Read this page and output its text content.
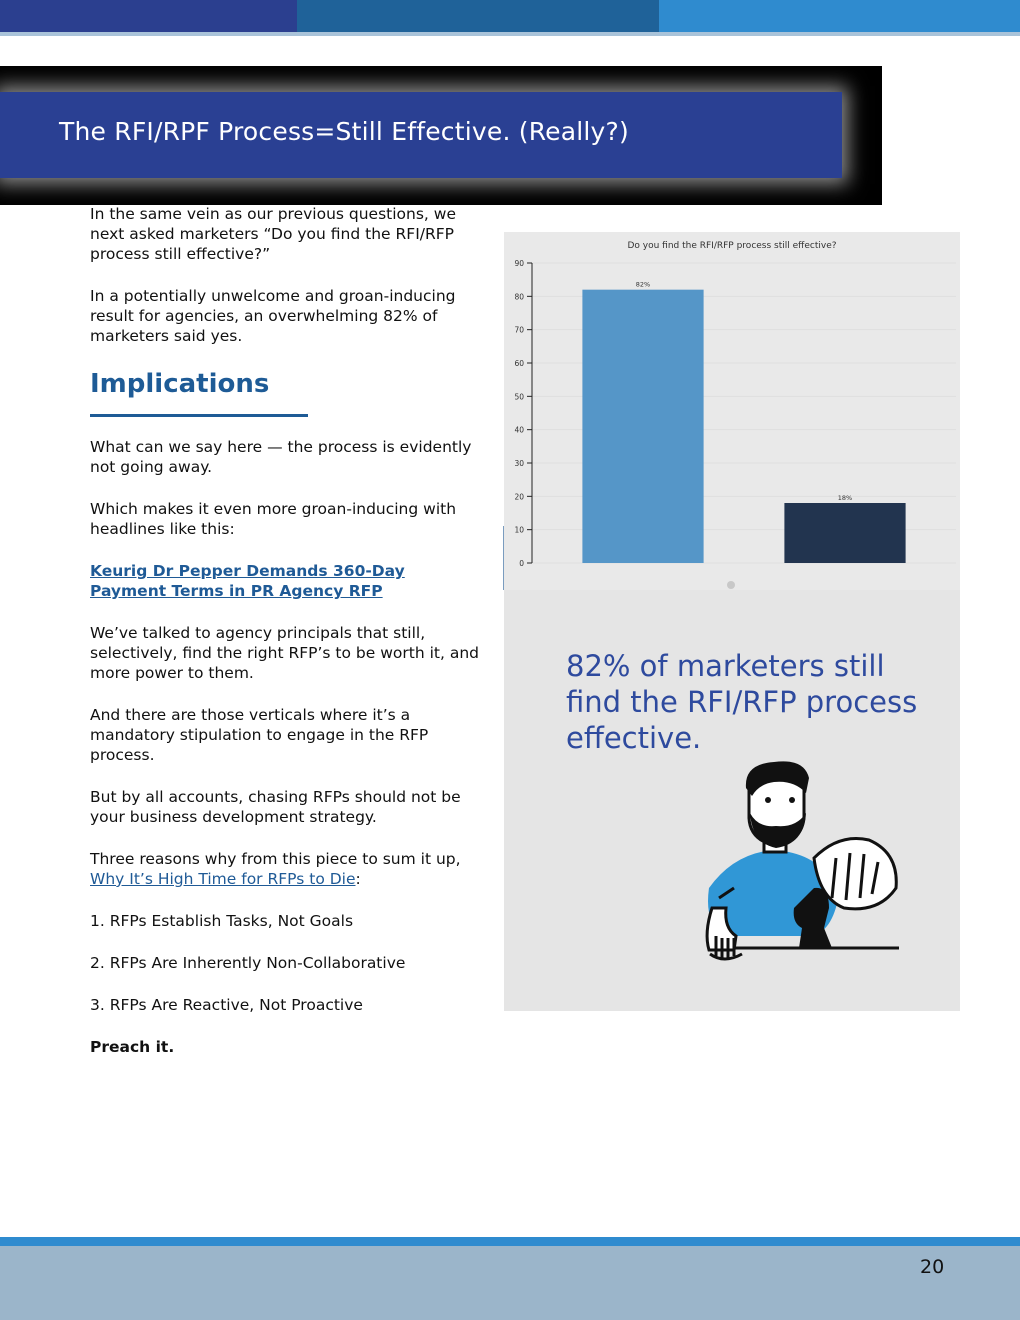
The RFI/RPF Process=Still Effective. (Really?)

In the same vein as our previous questions, we next asked marketers “Do you find the RFI/RFP process still effective?”

In a potentially unwelcome and groan-inducing result for agencies, an overwhelming 82% of marketers said yes.

Implications

What can we say here — the process is evidently not going away.

Which makes it even more groan-inducing with headlines like this:

Keurig Dr Pepper Demands 360-Day Payment Terms in PR Agency RFP

We’ve talked to agency principals that still, selectively, find the right RFP’s to be worth it, and more power to them.

And there are those verticals where it’s a mandatory stipulation to engage in the RFP process.

But by all accounts, chasing RFPs should not be your business development strategy.

Three reasons why from this piece to sum it up, Why It’s High Time for RFPs to Die:

1. RFPs Establish Tasks, Not Goals

2. RFPs Are Inherently Non-Collaborative

3. RFPs Are Reactive, Not Proactive

Preach it.

Do you find the RFI/RFP process still effective?
0
10
20
30
40
50
60
70
80
90
82%
18%

82% of marketers still find the RFI/RFP process effective.

20
